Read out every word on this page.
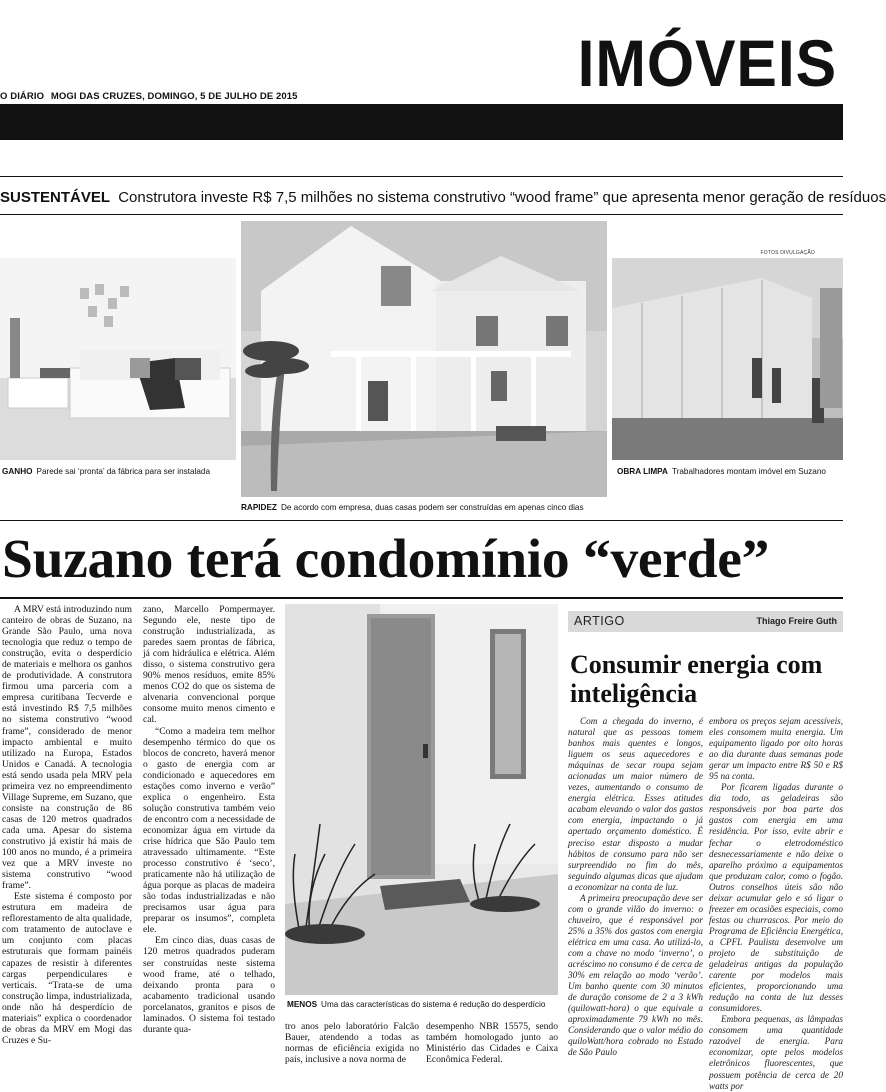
IMÓVEIS
O DIÁRIO MOGI DAS CRUZES, DOMINGO, 5 DE JULHO DE 2015
SUSTENTÁVEL Construtora investe R$ 7,5 milhões no sistema construtivo “wood frame” que apresenta menor geração de resíduos
FOTOS DIVULGAÇÃO
GANHO Parede sai ‘pronta’ da fábrica para ser instalada
RAPIDEZ De acordo com empresa, duas casas podem ser construídas em apenas cinco dias
OBRA LIMPA Trabalhadores montam imóvel em Suzano
Suzano terá condomínio “verde”

A MRV está introduzindo num canteiro de obras de Suzano, na Grande São Paulo, uma nova tecnologia que reduz o tempo de construção, evita o desperdício de materiais e melhora os ganhos de produtividade. A construtora firmou uma parceria com a empresa curitibana Tecverde e está investindo R$ 7,5 milhões no sistema construtivo “wood frame”, considerado de menor impacto ambiental e muito utilizado na Europa, Estados Unidos e Canadá. A tecnologia está sendo usada pela MRV pela primeira vez no empreendimento Village Supreme, em Suzano, que consiste na construção de 86 casas de 120 metros quadrados cada uma. Apesar do sistema construtivo já existir há mais de 100 anos no mundo, é a primeira vez que a MRV investe no sistema construtivo “wood frame”.

Este sistema é composto por estrutura em madeira de reflorestamento de alta qualidade, com tratamento de autoclave e um conjunto com placas estruturais que formam painéis capazes de resistir à diferentes cargas perpendiculares e verticais. “Trata-se de uma construção limpa, industrializada, onde não há desperdício de materiais” explica o coordenador de obras da MRV em Mogi das Cruzes e Su-

zano, Marcello Pompermayer. Segundo ele, neste tipo de construção industrializada, as paredes saem prontas de fábrica, já com hidráulica e elétrica. Além disso, o sistema construtivo gera 90% menos resíduos, emite 85% menos CO2 do que os sistema de alvenaria convencional porque consome muito menos cimento e cal.

“Como a madeira tem melhor desempenho térmico do que os blocos de concreto, haverá menor o gasto de energia com ar condicionado e aquecedores em estações como inverno e verão” explica o engenheiro. Esta solução construtiva também veio de encontro com a necessidade de economizar água em virtude da crise hídrica que São Paulo tem atravessado ultimamente. “Este processo construtivo é ‘seco’, praticamente não há utilização de água porque as placas de madeira são todas industrializadas e não precisamos usar água para preparar os insumos”, completa ele.

Em cinco dias, duas casas de 120 metros quadrados puderam ser construídas neste sistema wood frame, até o telhado, deixando pronta para o acabamento tradicional usando porcelanatos, granitos e pisos de laminados. O sistema foi testado durante qua-

MENOS Uma das características do sistema é redução do desperdício

tro anos pelo laboratório Falcão Bauer, atendendo a todas as normas de eficiência exigida no país, inclusive a nova norma de

desempenho NBR 15575, sendo também homologado junto ao Ministério das Cidades e Caixa Econômica Federal.

ARTIGO	Thiago Freire Guth
Consumir energia com inteligência

Com a chegada do inverno, é natural que as pessoas tomem banhos mais quentes e longos, liguem os seus aquecedores e máquinas de secar roupa sejam acionadas um maior número de vezes, aumentando o consumo de energia elétrica. Esses atitudes acabam elevando o valor dos gastos com energia, impactando o já apertado orçamento doméstico. É preciso estar disposto a mudar hábitos de consumo para não ser surpreendido no fim do mês, seguindo algumas dicas que ajudam a economizar na conta de luz.

A primeira preocupação deve ser com o grande vilão do inverno: o chuveiro, que é responsável por 25% a 35% dos gastos com energia elétrica em uma casa. Ao utilizá-lo, com a chave no modo ‘inverno’, o acréscimo no consumo é de cerca de 30% em relação ao modo ‘verão’. Um banho quente com 30 minutos de duração consome de 2 a 3 kWh (quilowatt-hora) o que equivale a aproximadamente 79 kWh no mês. Considerando que o valor médio do quiloWatt/hora cobrado no Estado de São Paulo

embora os preços sejam acessíveis, eles consomem muita energia. Um equipamento ligado por oito horas ao dia durante duas semanas pode gerar um impacto entre R$ 50 e R$ 95 na conta.

Por ficarem ligadas durante o dia todo, as geladeiras são responsáveis por boa parte dos gastos com energia em uma residência. Por isso, evite abrir e fechar o eletrodoméstico desnecessariamente e não deixe o aparelho próximo a equipamentos que produzam calor, como o fogão. Outros conselhos úteis são não deixar acumular gelo e só ligar o freezer em ocasiões especiais, como festas ou churrascos. Por meio do Programa de Eficiência Energética, a CPFL Paulista desenvolve um projeto de substituição de geladeiras antigas da população carente por modelos mais eficientes, proporcionando uma redução na conta de luz desses consumidores.

Embora pequenas, as lâmpadas consomem uma quantidade razoável de energia. Para economizar, opte pelos modelos eletrônicos fluorescentes, que possuem potência de cerca de 20 watts por
